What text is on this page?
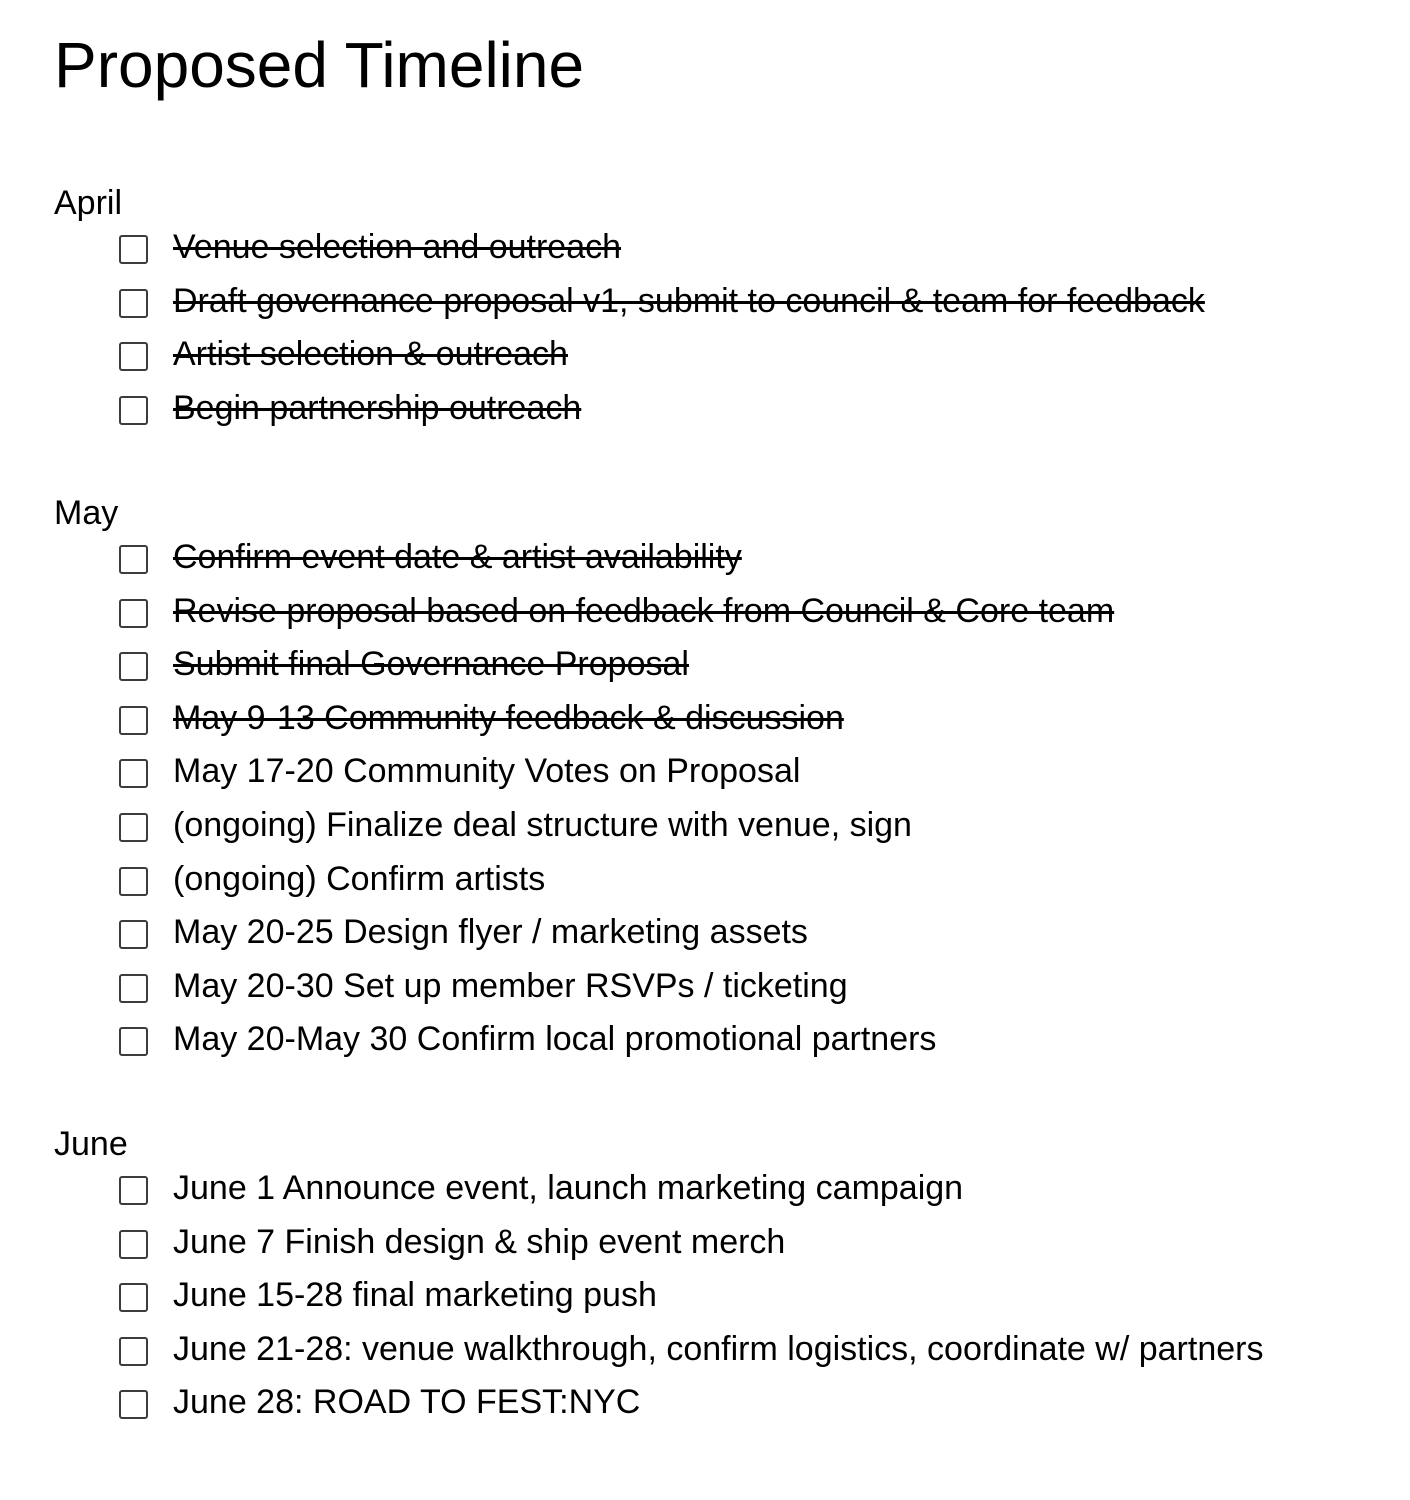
Proposed Timeline
April
Venue selection and outreach
Draft governance proposal v1, submit to council & team for feedback
Artist selection & outreach
Begin partnership outreach
May
Confirm event date & artist availability
Revise proposal based on feedback from Council & Core team
Submit final Governance Proposal
May 9-13 Community feedback & discussion
May 17-20 Community Votes on Proposal
(ongoing) Finalize deal structure with venue, sign
(ongoing) Confirm artists
May 20-25 Design flyer / marketing assets
May 20-30 Set up member RSVPs / ticketing
May 20-May 30 Confirm local promotional partners
June
June 1 Announce event, launch marketing campaign
June 7 Finish design & ship event merch
June 15-28 final marketing push
June 21-28: venue walkthrough, confirm logistics, coordinate w/ partners
June 28: ROAD TO FEST:NYC
